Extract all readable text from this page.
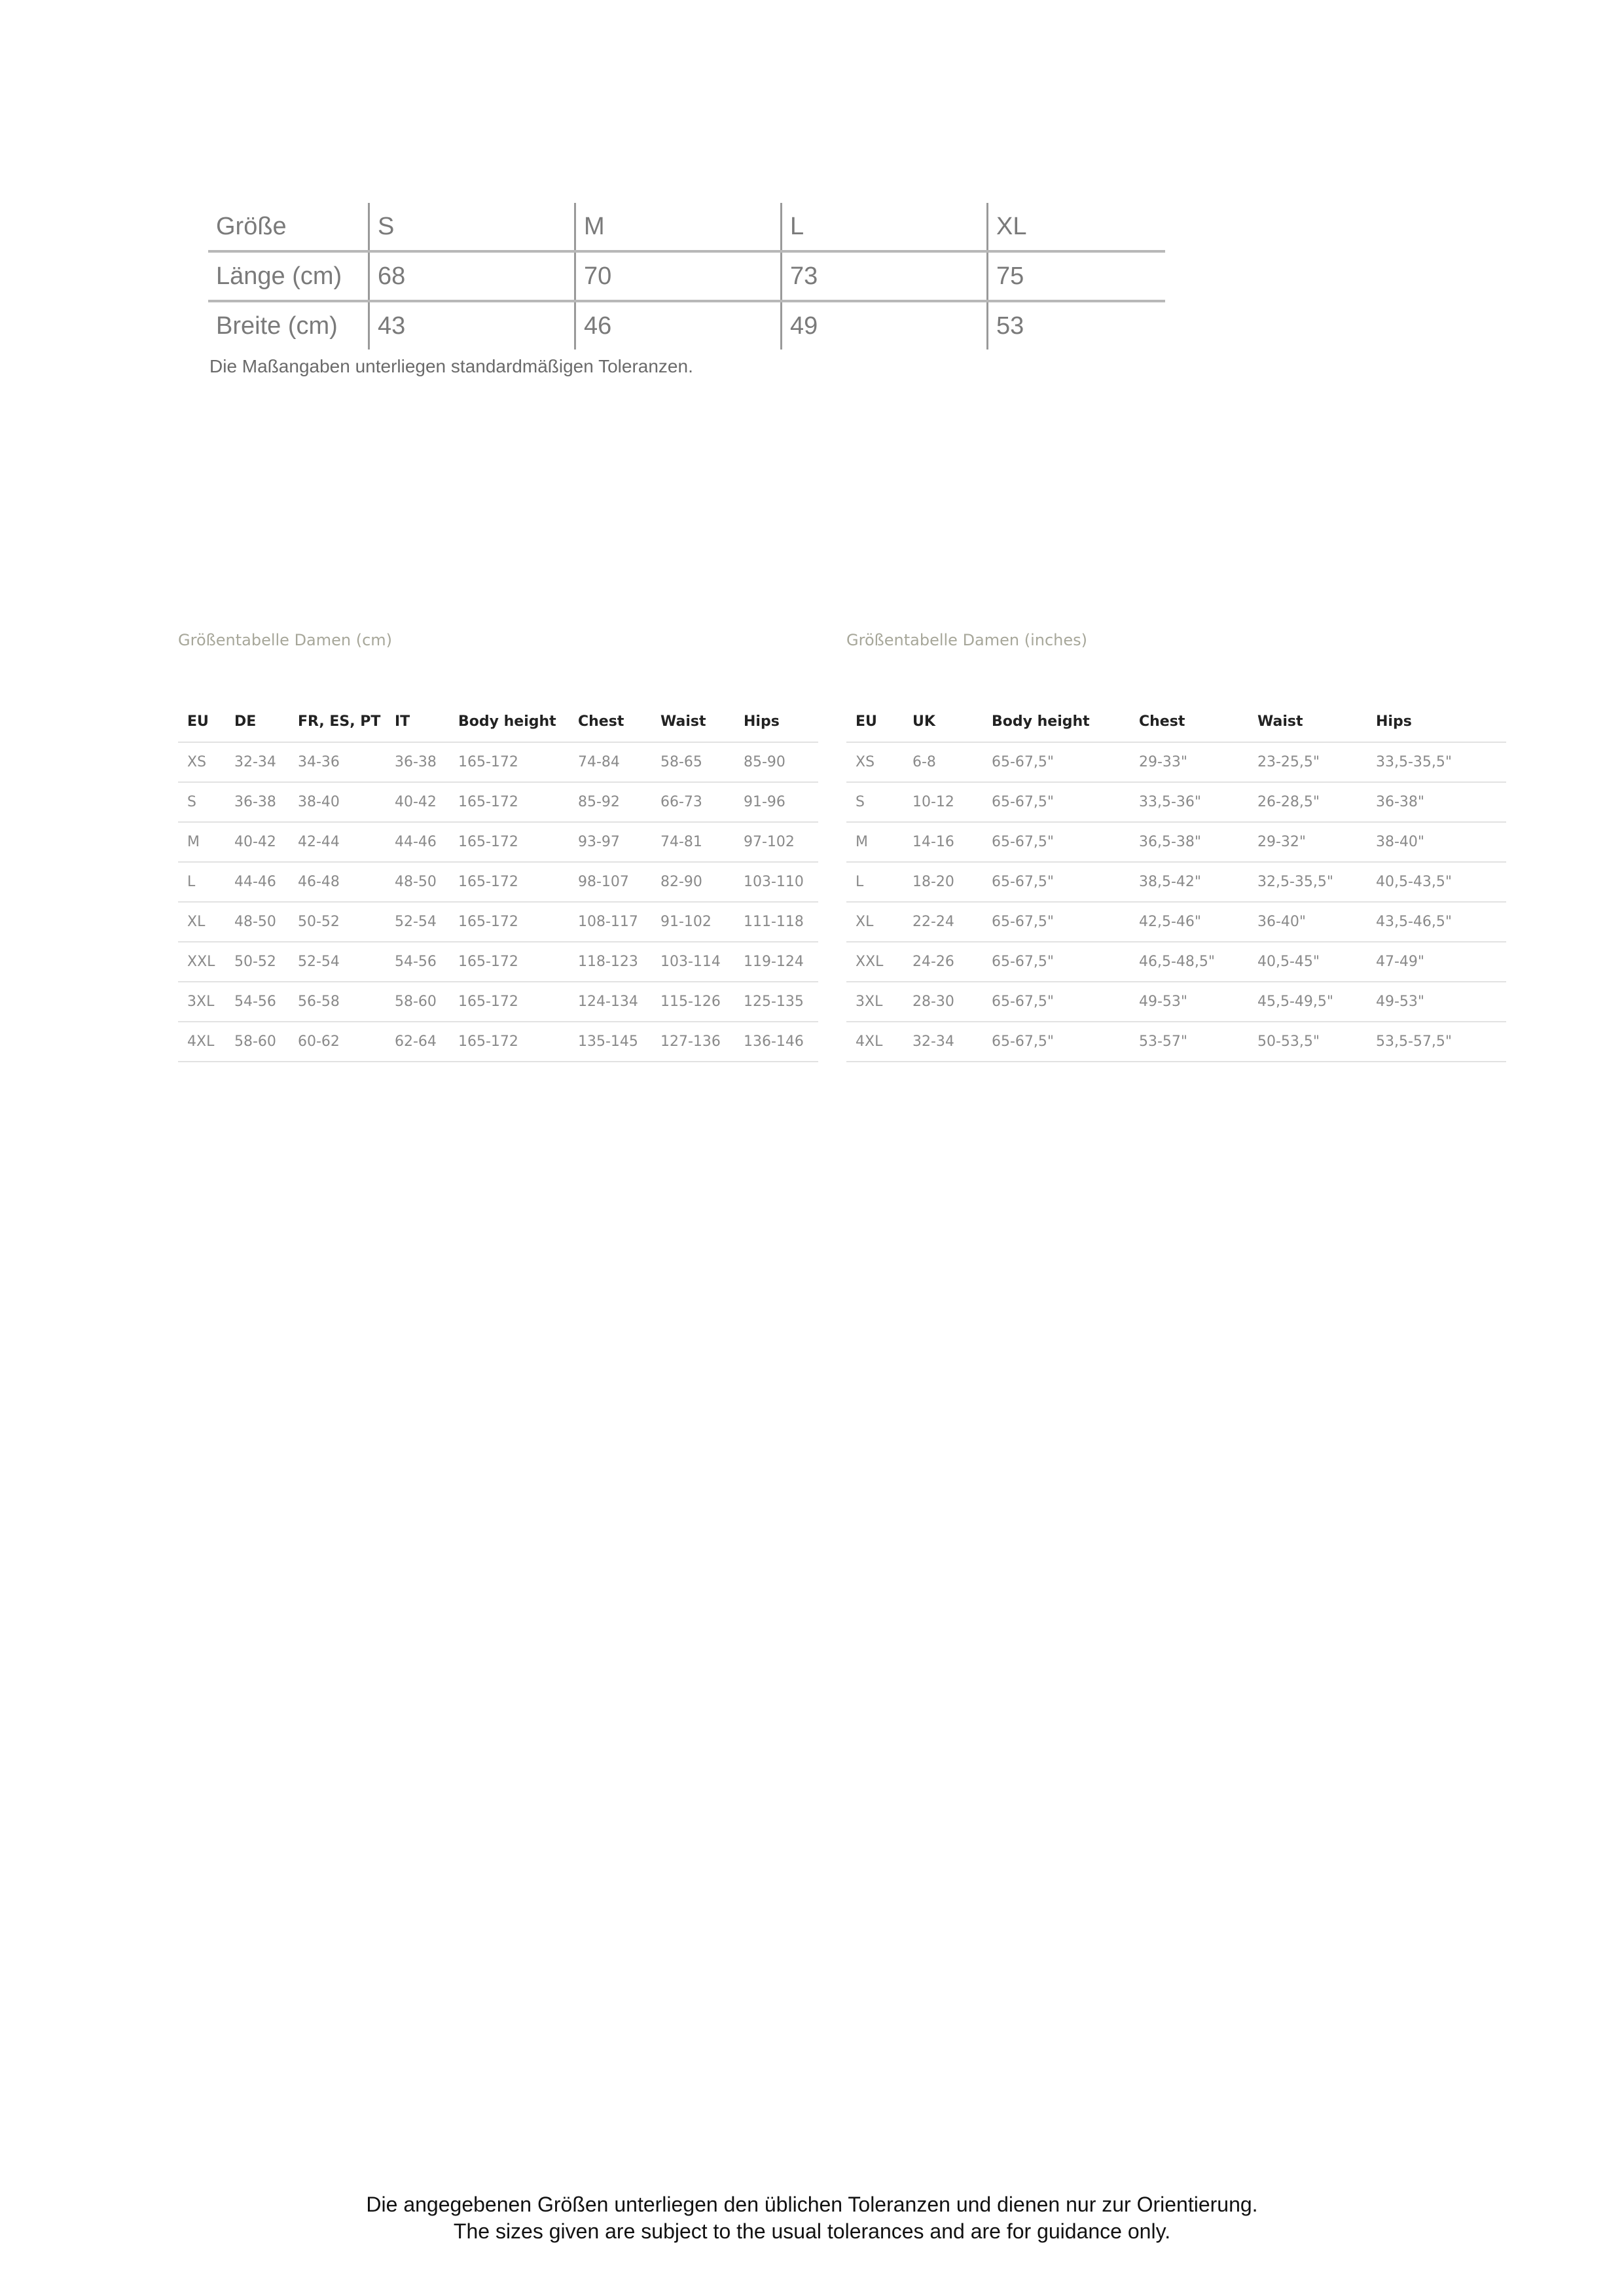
Größe	S	M	L	XL
Länge (cm)	68	70	73	75
Breite (cm)	43	46	49	53
Die Maßangaben unterliegen standardmäßigen Toleranzen.
Größentabelle Damen (cm)	Größentabelle Damen (inches)
EU	DE	FR, ES, PT	IT	Body height	Chest	Waist	Hips
XS	32-34	34-36	36-38	165-172	74-84	58-65	85-90
S	36-38	38-40	40-42	165-172	85-92	66-73	91-96
M	40-42	42-44	44-46	165-172	93-97	74-81	97-102
L	44-46	46-48	48-50	165-172	98-107	82-90	103-110
XL	48-50	50-52	52-54	165-172	108-117	91-102	111-118
XXL	50-52	52-54	54-56	165-172	118-123	103-114	119-124
3XL	54-56	56-58	58-60	165-172	124-134	115-126	125-135
4XL	58-60	60-62	62-64	165-172	135-145	127-136	136-146
EU	UK	Body height	Chest	Waist	Hips
XS	6-8	65-67,5"	29-33"	23-25,5"	33,5-35,5"
S	10-12	65-67,5"	33,5-36"	26-28,5"	36-38"
M	14-16	65-67,5"	36,5-38"	29-32"	38-40"
L	18-20	65-67,5"	38,5-42"	32,5-35,5"	40,5-43,5"
XL	22-24	65-67,5"	42,5-46"	36-40"	43,5-46,5"
XXL	24-26	65-67,5"	46,5-48,5"	40,5-45"	47-49"
3XL	28-30	65-67,5"	49-53"	45,5-49,5"	49-53"
4XL	32-34	65-67,5"	53-57"	50-53,5"	53,5-57,5"
Die angegebenen Größen unterliegen den üblichen Toleranzen und dienen nur zur Orientierung.
The sizes given are subject to the usual tolerances and are for guidance only.
